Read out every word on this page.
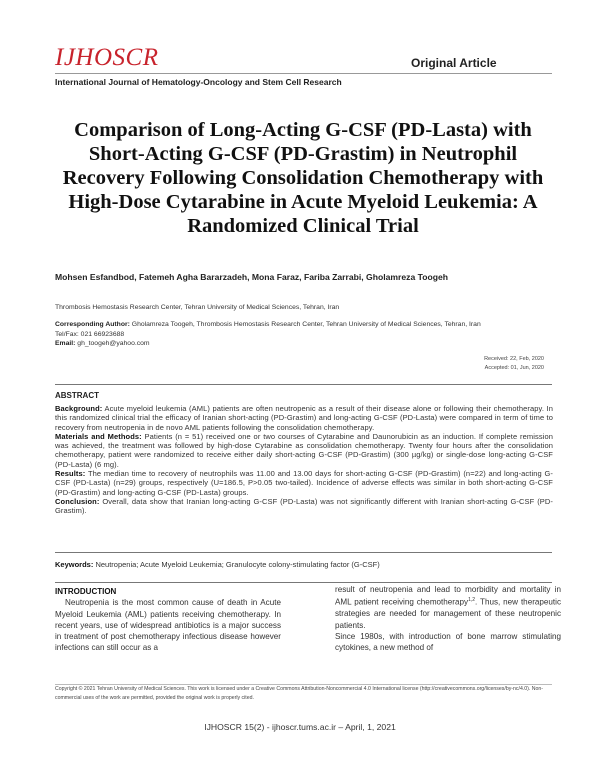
IJHOSCR	Original Article
International Journal of Hematology-Oncology and Stem Cell Research
Comparison of Long-Acting G-CSF (PD-Lasta) with Short-Acting G-CSF (PD-Grastim) in Neutrophil Recovery Following Consolidation Chemotherapy with High-Dose Cytarabine in Acute Myeloid Leukemia: A Randomized Clinical Trial
Mohsen Esfandbod, Fatemeh Agha Bararzadeh, Mona Faraz, Fariba Zarrabi, Gholamreza Toogeh
Thrombosis Hemostasis Research Center, Tehran University of Medical Sciences, Tehran, Iran
Corresponding Author: Gholamreza Toogeh, Thrombosis Hemostasis Research Center, Tehran University of Medical Sciences, Tehran, Iran
Tel/Fax: 021 66923688
Email: gh_toogeh@yahoo.com
Received: 22, Feb, 2020
Accepted: 01, Jun, 2020
ABSTRACT

Background: Acute myeloid leukemia (AML) patients are often neutropenic as a result of their disease alone or following their chemotherapy. In this randomized clinical trial the efficacy of Iranian short-acting (PD-Grastim) and long-acting G-CSF (PD-Lasta) were compared in term of time to recovery from neutropenia in de novo AML patients following the consolidation chemotherapy.

Materials and Methods: Patients (n = 51) received one or two courses of Cytarabine and Daunorubicin as an induction. If complete remission was achieved, the treatment was followed by high-dose Cytarabine as consolidation chemotherapy. Twenty four hours after the consolidation chemotherapy, patient were randomized to receive either daily short-acting G-CSF (PD-Grastim) (300 µg/kg) or single-dose long-acting G-CSF (PD-Lasta) (6 mg).

Results: The median time to recovery of neutrophils was 11.00 and 13.00 days for short-acting G-CSF (PD-Grastim) (n=22) and long-acting G-CSF (PD-Lasta) (n=29) groups, respectively (U=186.5, P>0.05 two-tailed). Incidence of adverse effects was similar in both short-acting G-CSF (PD-Grastim) and long-acting G-CSF (PD-Lasta) groups.

Conclusion: Overall, data show that Iranian long-acting G-CSF (PD-Lasta) was not significantly different with Iranian short-acting G-CSF (PD-Grastim).

Keywords: Neutropenia; Acute Myeloid Leukemia; Granulocyte colony-stimulating factor (G-CSF)
INTRODUCTION

Neutropenia is the most common cause of death in Acute Myeloid Leukemia (AML) patients receiving chemotherapy. In recent years, use of widespread antibiotics is a major success in treatment of post chemotherapy infectious disease however infections can still occur as a

result of neutropenia and lead to morbidity and mortality in AML patient receiving chemotherapy$^{1,2}$. Thus, new therapeutic strategies are needed for management of these neutropenic patients.

Since 1980s, with introduction of bone marrow stimulating cytokines, a new method of

Copyright © 2021 Tehran University of Medical Sciences. This work is licensed under a Creative Commons Attribution-Noncommercial 4.0 International license (http://creativecommons.org/licenses/by-nc/4.0). Non-commercial uses of the work are permitted, provided the original work is properly cited.
IJHOSCR 15(2) - ijhoscr.tums.ac.ir – April, 1, 2021
